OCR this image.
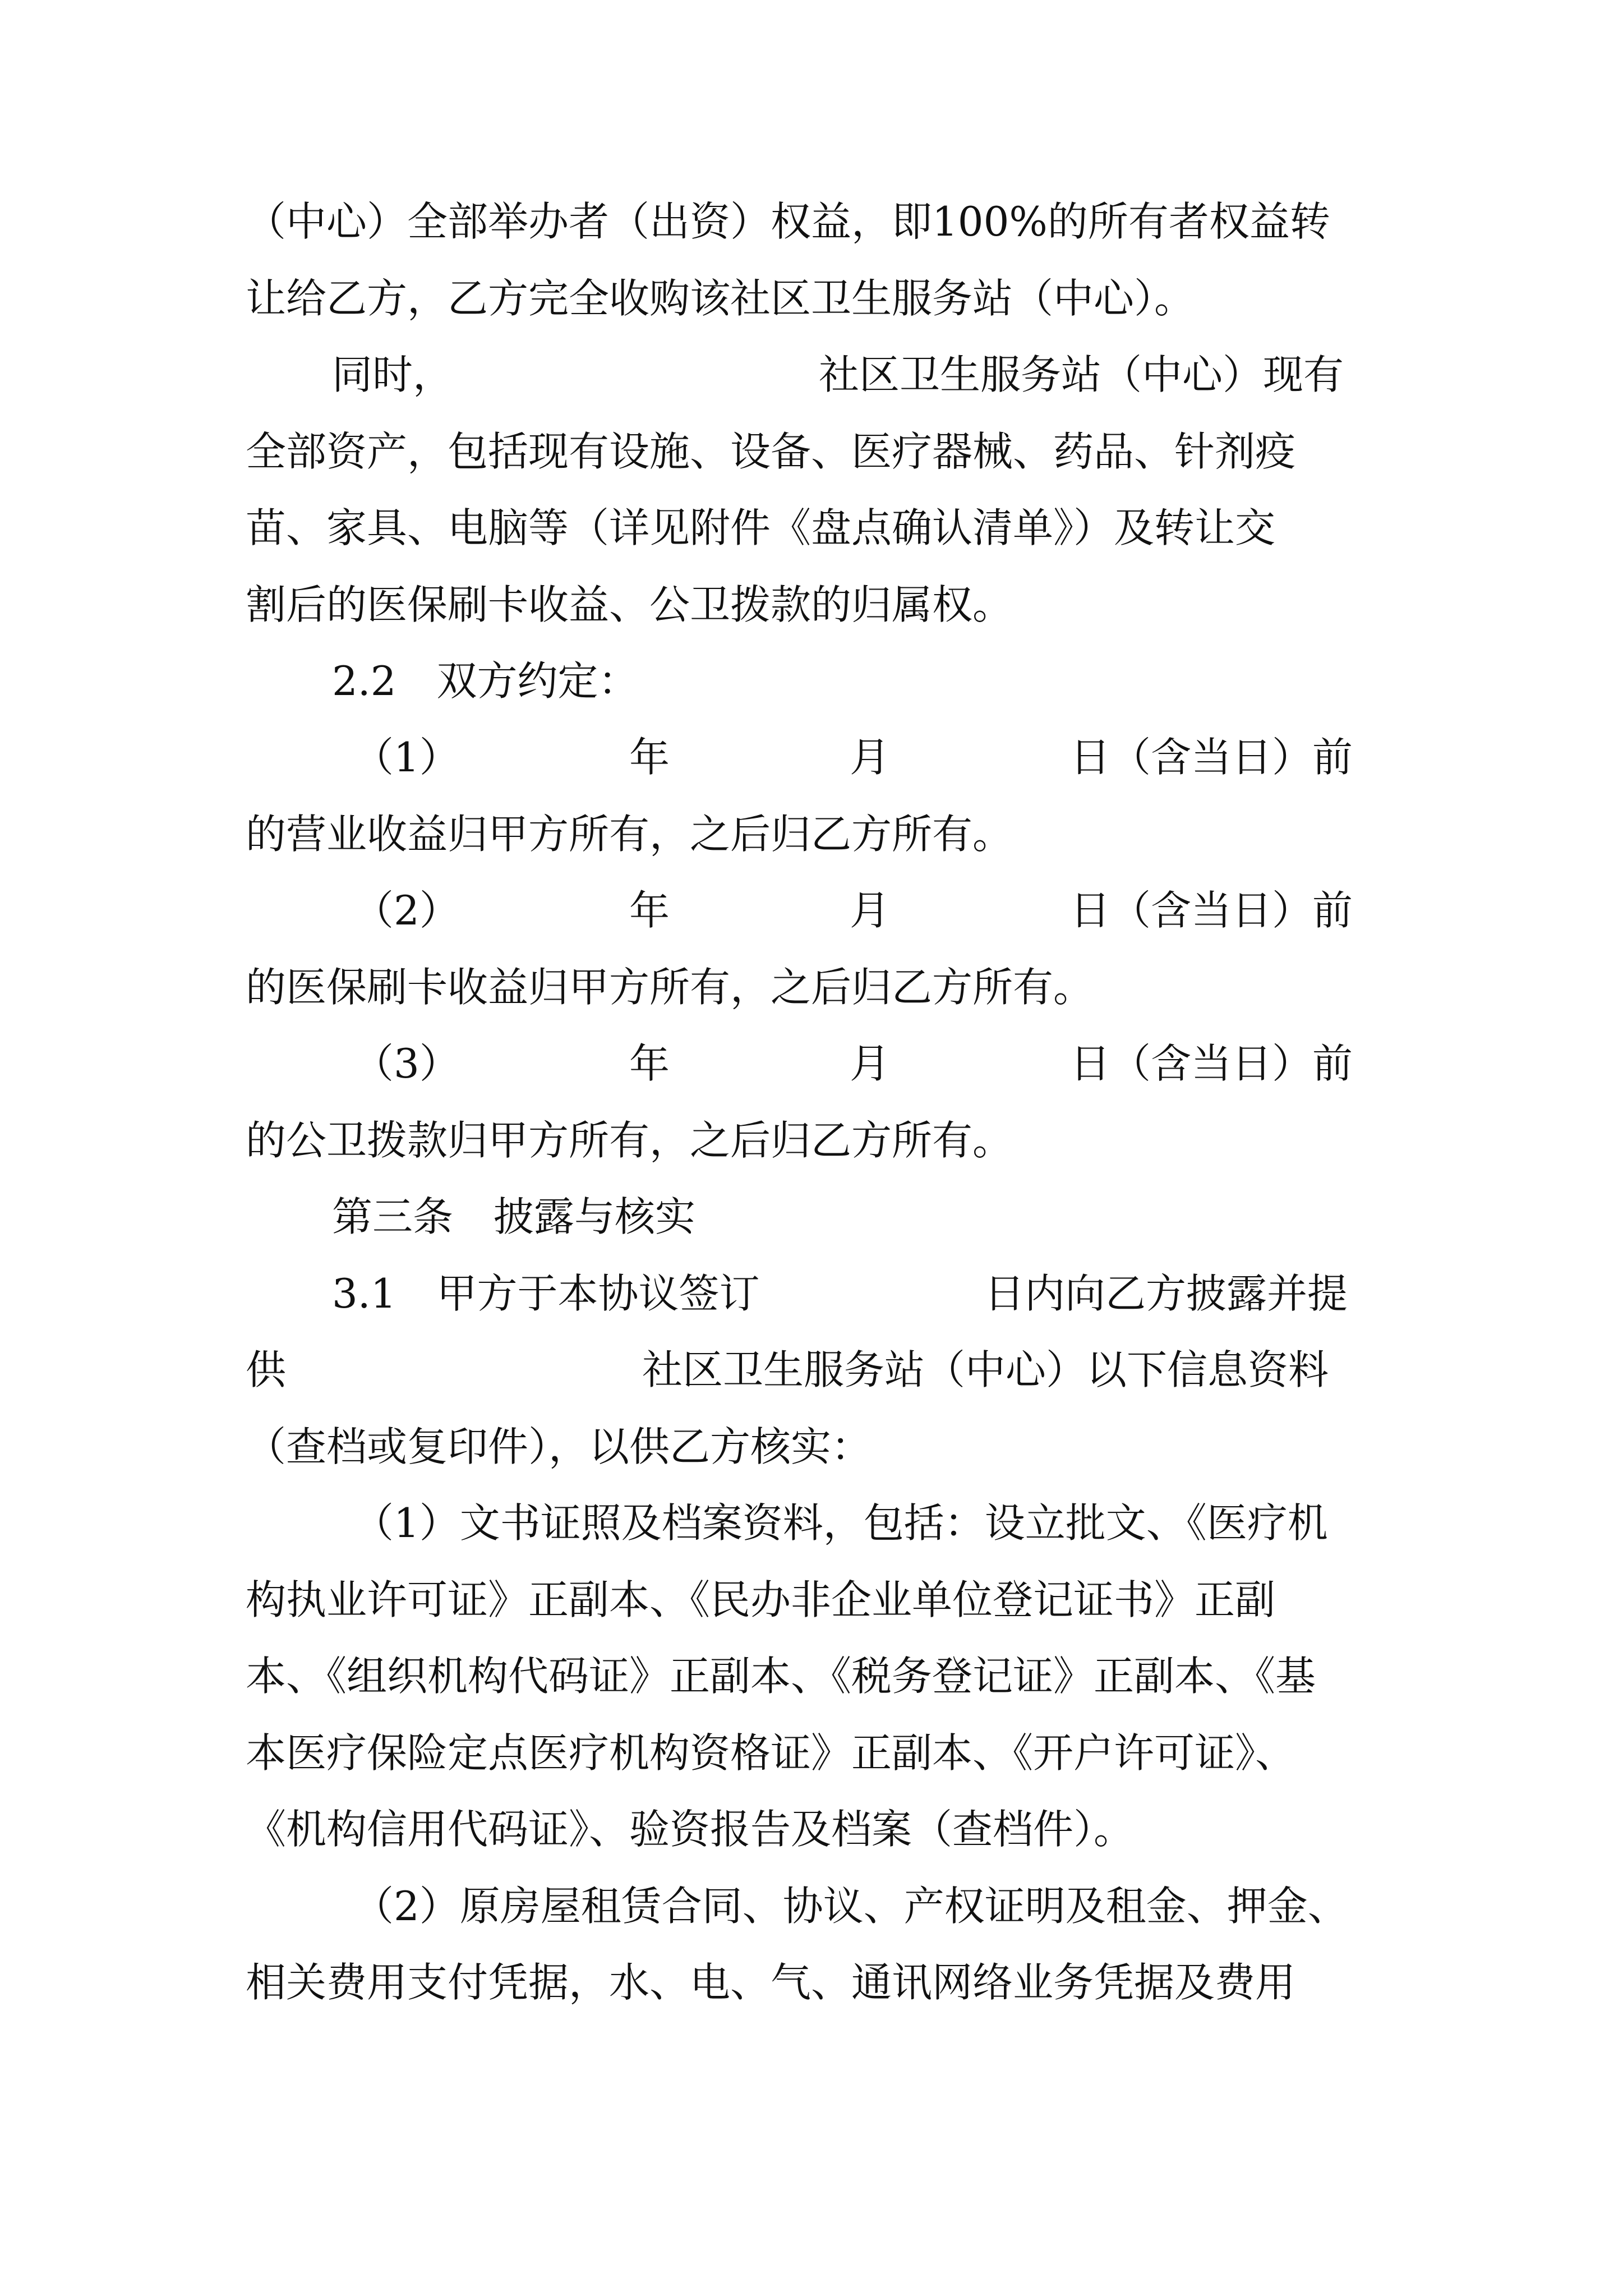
（中心）全部举办者（出资）权益，即100%的所有者权益转
让给乙方，乙方完全收购该社区卫生服务站（中心）。
同时，	社区卫生服务站（中心）现有
全部资产，包括现有设施、设备、医疗器械、药品、针剂疫
苗、家具、电脑等（详见附件《盘点确认清单》）及转让交
割后的医保刷卡收益、公卫拨款的归属权。
2.2　双方约定：
（1）	年	月	日（含当日）前
的营业收益归甲方所有，之后归乙方所有。
（2）	年	月	日（含当日）前
的医保刷卡收益归甲方所有，之后归乙方所有。
（3）	年	月	日（含当日）前
的公卫拨款归甲方所有，之后归乙方所有。
第三条　披露与核实
3.1　甲方于本协议签订	日内向乙方披露并提
供	社区卫生服务站（中心）以下信息资料
（查档或复印件），以供乙方核实：
（1）文书证照及档案资料，包括：设立批文、《医疗机
构执业许可证》正副本、《民办非企业单位登记证书》正副
本、《组织机构代码证》正副本、《税务登记证》正副本、《基
本医疗保险定点医疗机构资格证》正副本、《开户许可证》、
《机构信用代码证》、验资报告及档案（查档件）。
（2）原房屋租赁合同、协议、产权证明及租金、押金、
相关费用支付凭据，水、电、气、通讯网络业务凭据及费用
